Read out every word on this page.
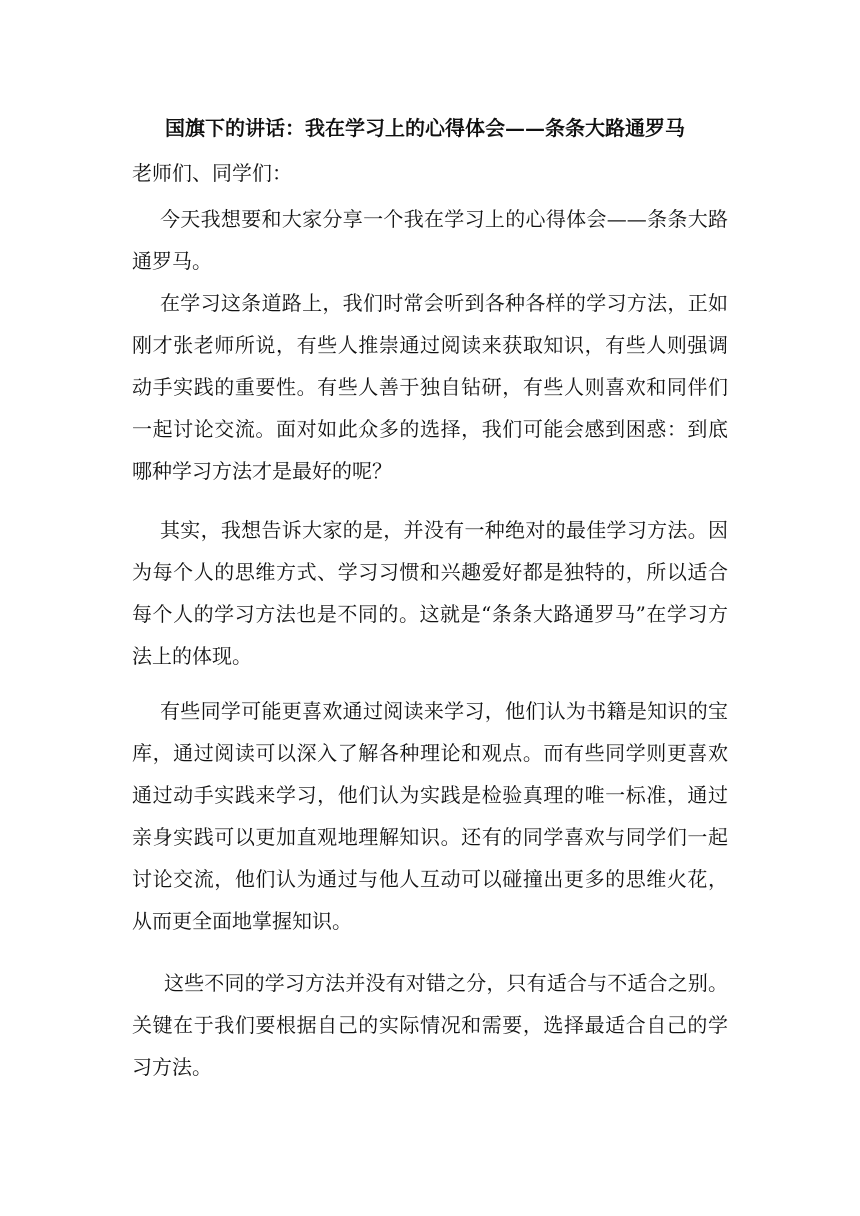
国旗下的讲话：我在学习上的心得体会——条条大路通罗马

老师们、同学们：

今天我想要和大家分享一个我在学习上的心得体会——条条大路通罗马。

在学习这条道路上，我们时常会听到各种各样的学习方法，正如刚才张老师所说，有些人推崇通过阅读来获取知识，有些人则强调动手实践的重要性。有些人善于独自钻研，有些人则喜欢和同伴们一起讨论交流。面对如此众多的选择，我们可能会感到困惑：到底哪种学习方法才是最好的呢？

其实，我想告诉大家的是，并没有一种绝对的最佳学习方法。因为每个人的思维方式、学习习惯和兴趣爱好都是独特的，所以适合每个人的学习方法也是不同的。这就是“条条大路通罗马”在学习方法上的体现。

有些同学可能更喜欢通过阅读来学习，他们认为书籍是知识的宝库，通过阅读可以深入了解各种理论和观点。而有些同学则更喜欢通过动手实践来学习，他们认为实践是检验真理的唯一标准，通过亲身实践可以更加直观地理解知识。还有的同学喜欢与同学们一起讨论交流，他们认为通过与他人互动可以碰撞出更多的思维火花，从而更全面地掌握知识。

这些不同的学习方法并没有对错之分，只有适合与不适合之别。关键在于我们要根据自己的实际情况和需要，选择最适合自己的学习方法。
